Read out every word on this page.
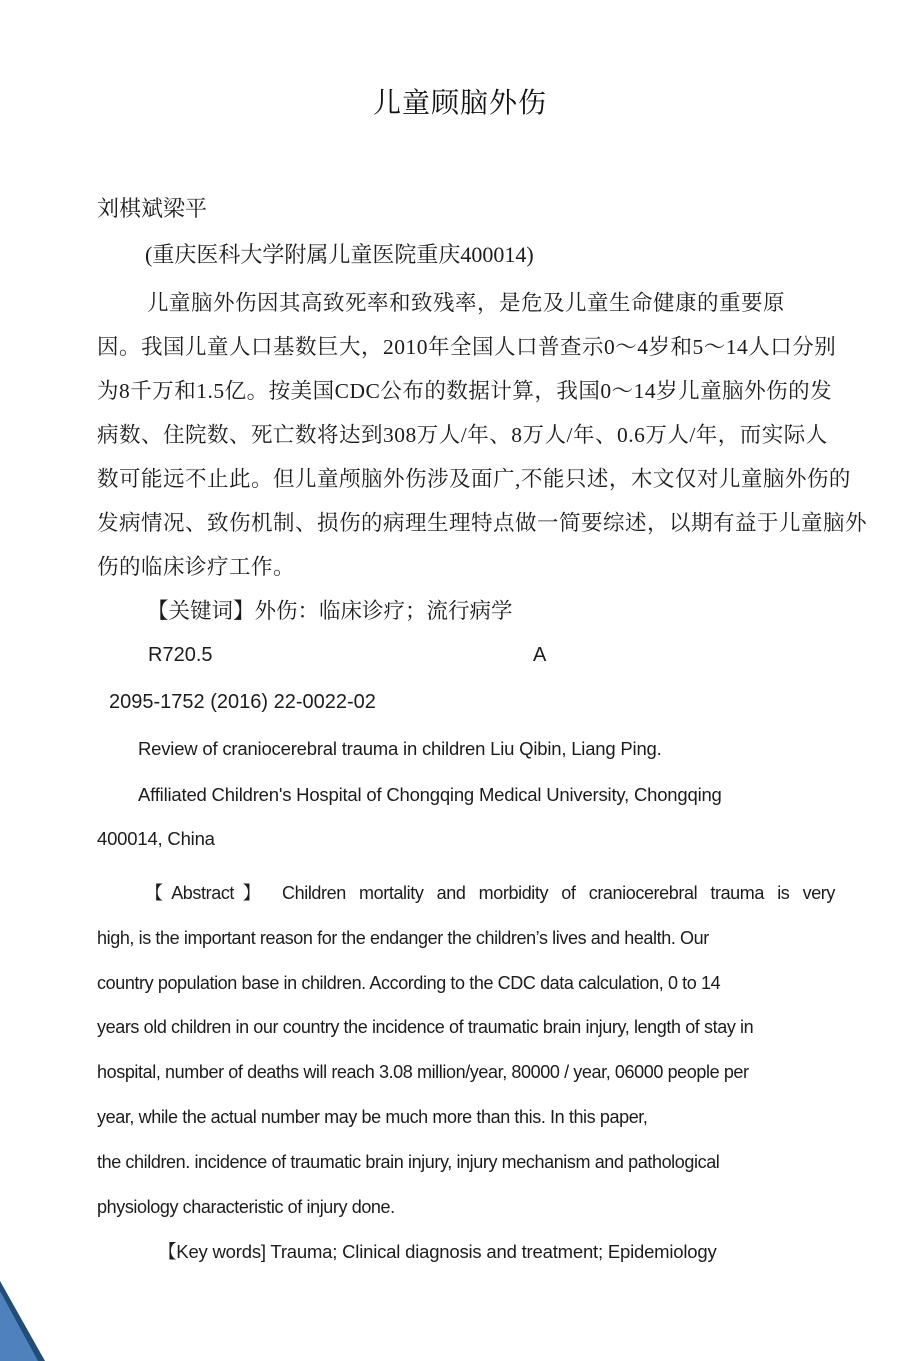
儿童顾脑外伤
刘棋斌梁平
(重庆医科大学附属儿童医院重庆400014)
儿童脑外伤因其高致死率和致残率，是危及儿童生命健康的重要原
因。我国儿童人口基数巨大，2010年全国人口普查示0～4岁和5～14人口分别
为8千万和1.5亿。按美国CDC公布的数据计算，我国0～14岁儿童脑外伤的发
病数、住院数、死亡数将达到308万人/年、8万人/年、0.6万人/年，而实际人
数可能远不止此。但儿童颅脑外伤涉及面广,不能只述，木文仅对儿童脑外伤的
发病情况、致伤机制、损伤的病理生理特点做一简要综述，以期有益于儿童脑外
伤的临床诊疗工作。
【关键词】外伤：临床诊疗；流行病学
R720.5	A
2095-1752 (2016) 22-0022-02
Review of craniocerebral trauma in children Liu Qibin, Liang Ping.
Affiliated Children's Hospital of Chongqing Medical University, Chongqing
400014, China
【Abstract】 Children mortality and morbidity of craniocerebral trauma is very
high, is the important reason for the endanger the children’s lives and health. Our
country population base in children. According to the CDC data calculation, 0 to 14
years old children in our country the incidence of traumatic brain injury, length of stay in
hospital, number of deaths will reach 3.08 million/year, 80000 / year, 06000 people per
year, while the actual number may be much more than this. In this paper,
the children. incidence of traumatic brain injury, injury mechanism and pathological
physiology characteristic of injury done.
【Key words] Trauma; Clinical diagnosis and treatment; Epidemiology
